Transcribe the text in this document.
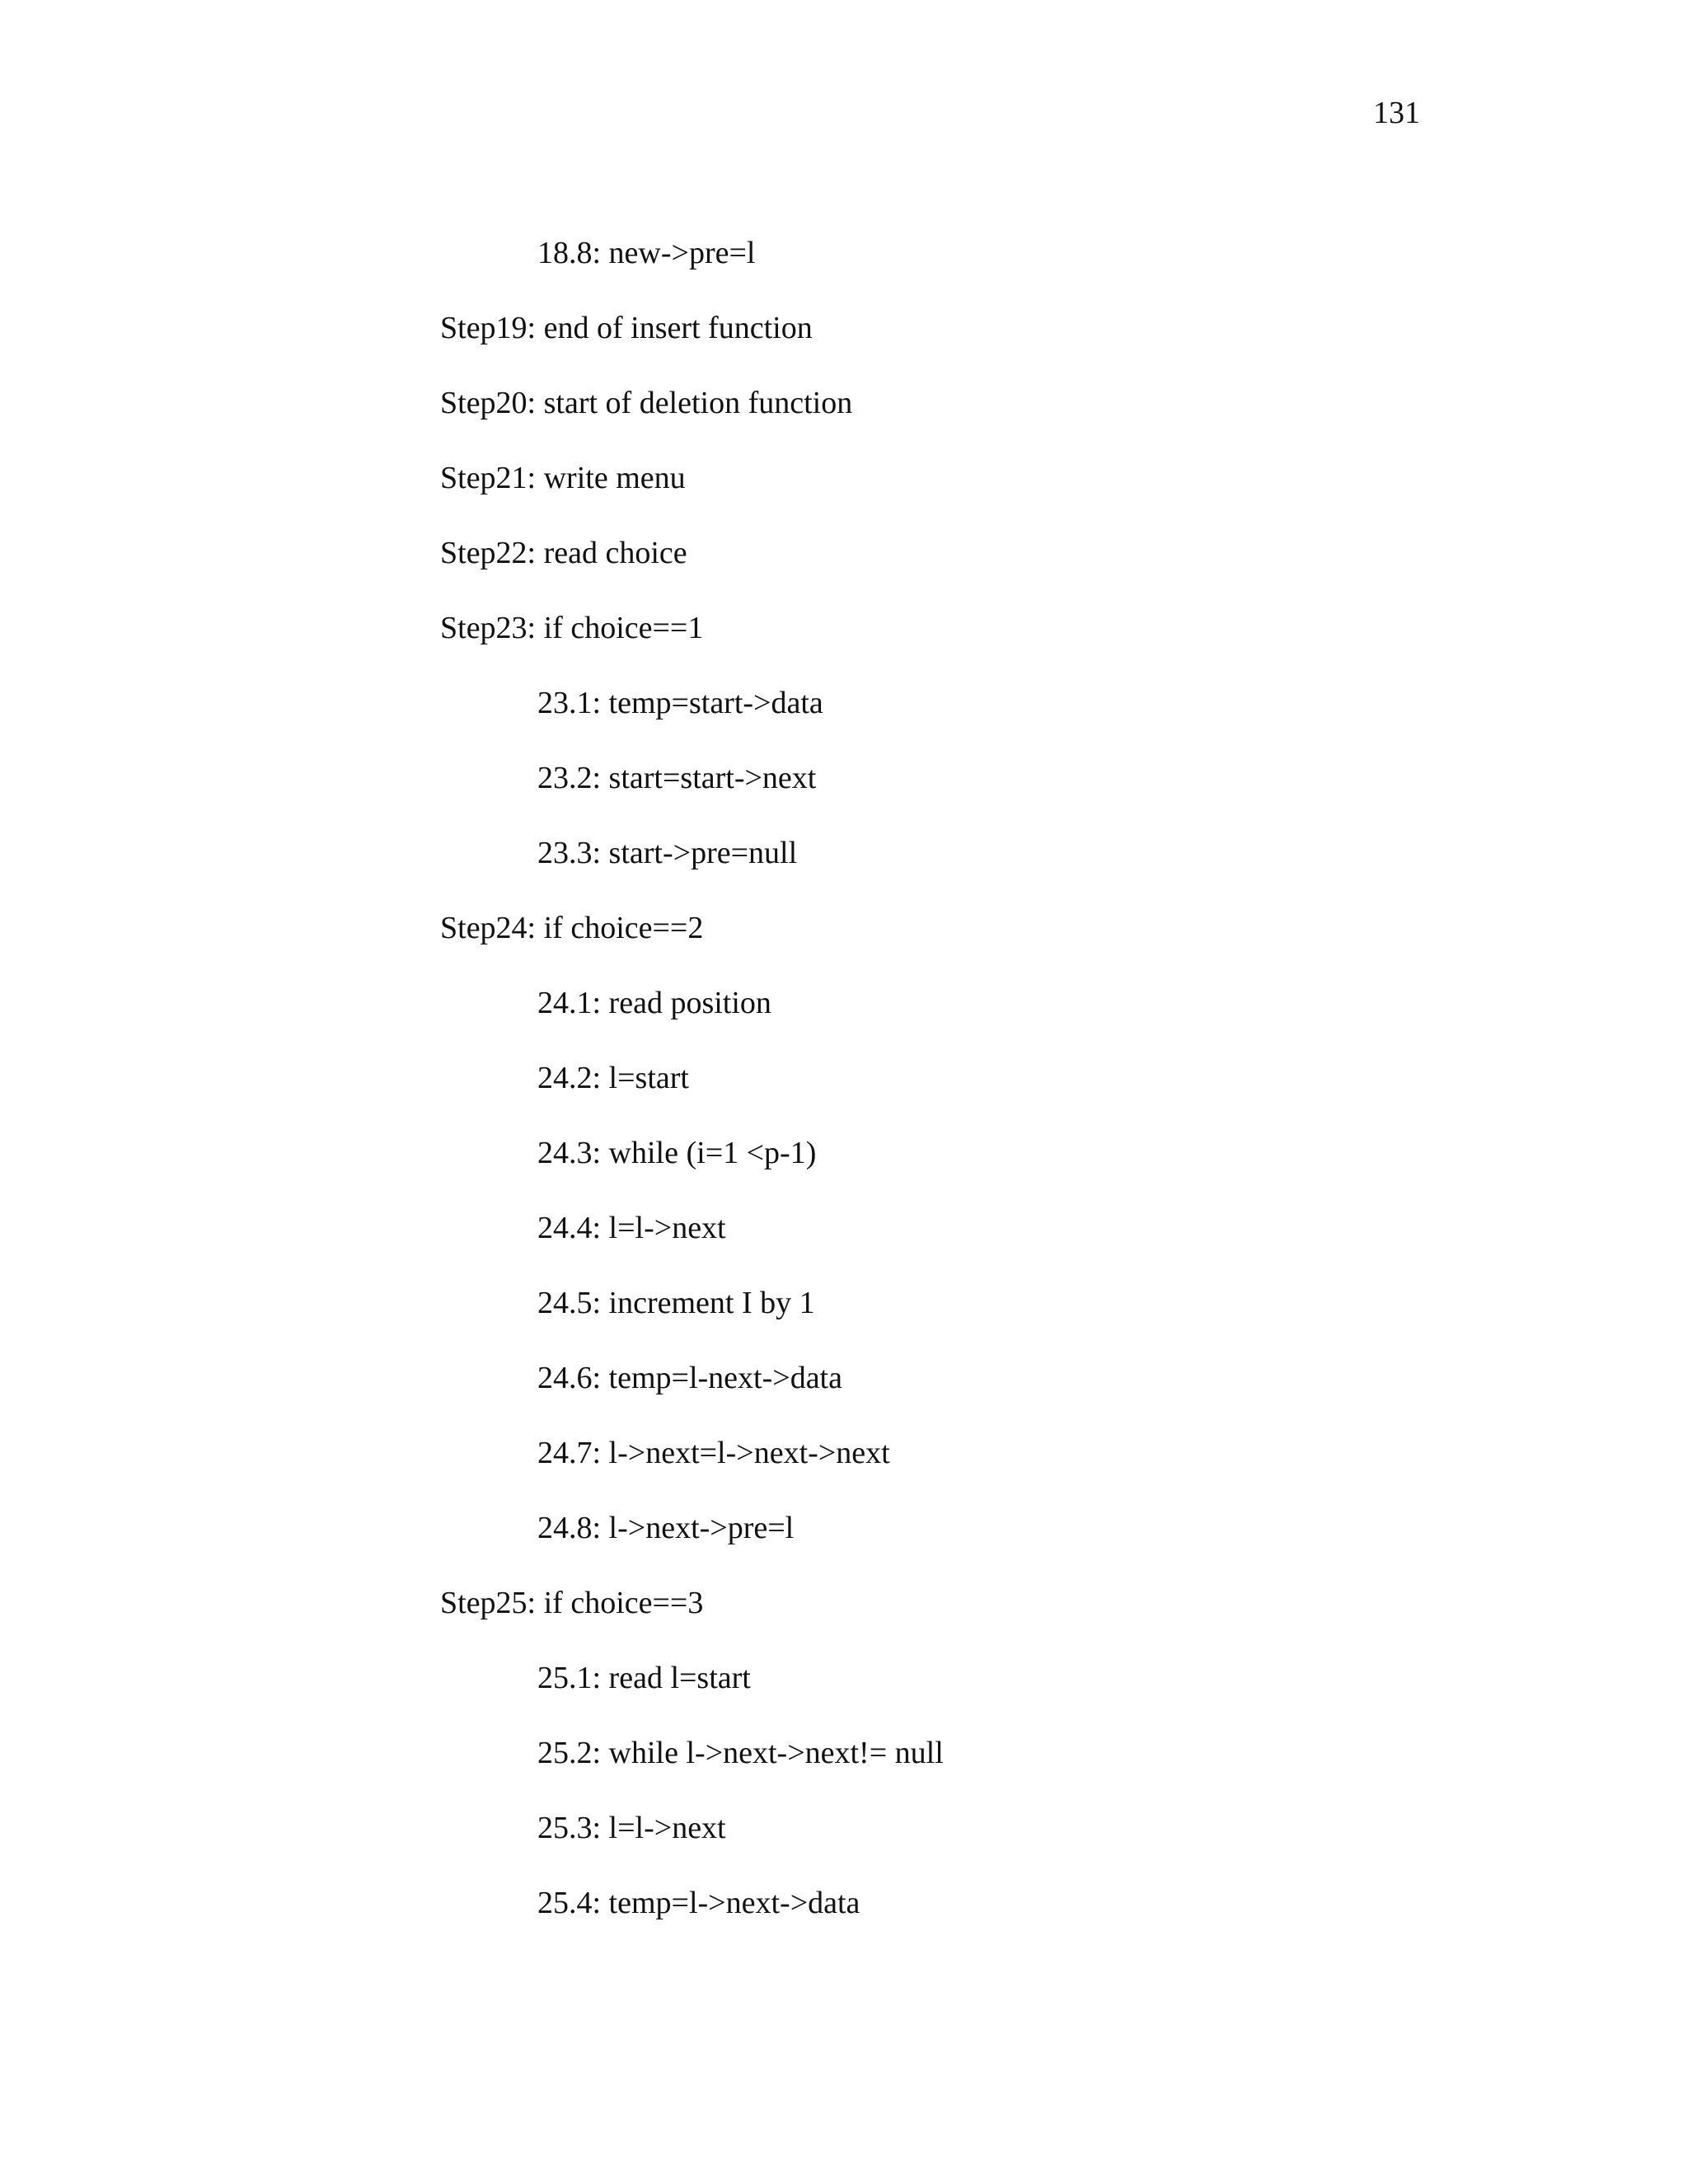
131
18.8: new->pre=l
Step19: end of insert function
Step20: start of deletion function
Step21: write menu
Step22: read choice
Step23: if choice==1
23.1: temp=start->data
23.2: start=start->next
23.3: start->pre=null
Step24: if choice==2
24.1: read position
24.2: l=start
24.3: while (i=1 <p-1)
24.4: l=l->next
24.5: increment I by 1
24.6: temp=l-next->data
24.7: l->next=l->next->next
24.8: l->next->pre=l
Step25: if choice==3
25.1: read l=start
25.2: while l->next->next!= null
25.3: l=l->next
25.4: temp=l->next->data
